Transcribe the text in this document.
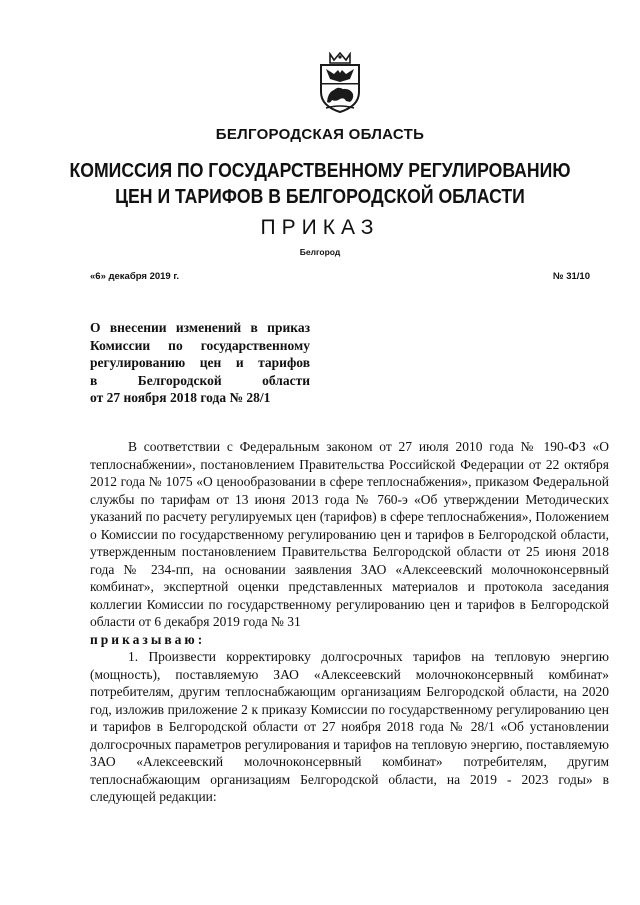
БЕЛГОРОДСКАЯ ОБЛАСТЬ
КОМИССИЯ ПО ГОСУДАРСТВЕННОМУ РЕГУЛИРОВАНИЮ
ЦЕН И ТАРИФОВ В БЕЛГОРОДСКОЙ ОБЛАСТИ
ПРИКАЗ
Белгород
«6» декабря 2019 г.	№ 31/10
О внесении изменений в приказ
Комиссии по государственному
регулированию цен и тарифов
в Белгородской области
от 27 ноября 2018 года № 28/1

В соответствии с Федеральным законом от 27 июля 2010 года № 190-ФЗ «О теплоснабжении», постановлением Правительства Российской Федерации от 22 октября 2012 года № 1075 «О ценообразовании в сфере теплоснабжения», приказом Федеральной службы по тарифам от 13 июня 2013 года № 760-э «Об утверждении Методических указаний по расчету регулируемых цен (тарифов) в сфере теплоснабжения», Положением о Комиссии по государственному регулированию цен и тарифов в Белгородской области, утвержденным постановлением Правительства Белгородской области от 25 июня 2018 года № 234-пп, на основании заявления ЗАО «Алексеевский молочноконсервный комбинат», экспертной оценки представленных материалов и протокола заседания коллегии Комиссии по государственному регулированию цен и тарифов в Белгородской области от 6 декабря 2019 года № 31

приказываю:

1. Произвести корректировку долгосрочных тарифов на тепловую энергию (мощность), поставляемую ЗАО «Алексеевский молочноконсервный комбинат» потребителям, другим теплоснабжающим организациям Белгородской области, на 2020 год, изложив приложение 2 к приказу Комиссии по государственному регулированию цен и тарифов в Белгородской области от 27 ноября 2018 года № 28/1 «Об установлении долгосрочных параметров регулирования и тарифов на тепловую энергию, поставляемую ЗАО «Алексеевский молочноконсервный комбинат» потребителям, другим теплоснабжающим организациям Белгородской области, на 2019 - 2023 годы» в следующей редакции:
